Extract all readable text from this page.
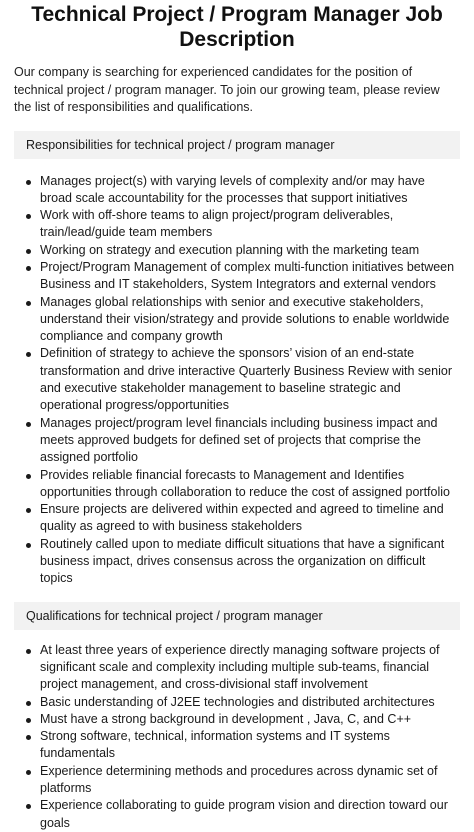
Technical Project / Program Manager Job Description

Our company is searching for experienced candidates for the position of technical project / program manager. To join our growing team, please review the list of responsibilities and qualifications.

Responsibilities for technical project / program manager
Manages project(s) with varying levels of complexity and/or may have broad scale accountability for the processes that support initiatives
Work with off-shore teams to align project/program deliverables, train/lead/guide team members
Working on strategy and execution planning with the marketing team
Project/Program Management of complex multi-function initiatives between Business and IT stakeholders, System Integrators and external vendors
Manages global relationships with senior and executive stakeholders, understand their vision/strategy and provide solutions to enable worldwide compliance and company growth
Definition of strategy to achieve the sponsors’ vision of an end-state transformation and drive interactive Quarterly Business Review with senior and executive stakeholder management to baseline strategic and operational progress/opportunities
Manages project/program level financials including business impact and meets approved budgets for defined set of projects that comprise the assigned portfolio
Provides reliable financial forecasts to Management and Identifies opportunities through collaboration to reduce the cost of assigned portfolio
Ensure projects are delivered within expected and agreed to timeline and quality as agreed to with business stakeholders
Routinely called upon to mediate difficult situations that have a significant business impact, drives consensus across the organization on difficult topics
Qualifications for technical project / program manager
At least three years of experience directly managing software projects of significant scale and complexity including multiple sub-teams, financial project management, and cross-divisional staff involvement
Basic understanding of J2EE technologies and distributed architectures
Must have a strong background in development , Java, C, and C++
Strong software, technical, information systems and IT systems fundamentals
Experience determining methods and procedures across dynamic set of platforms
Experience collaborating to guide program vision and direction toward our goals
